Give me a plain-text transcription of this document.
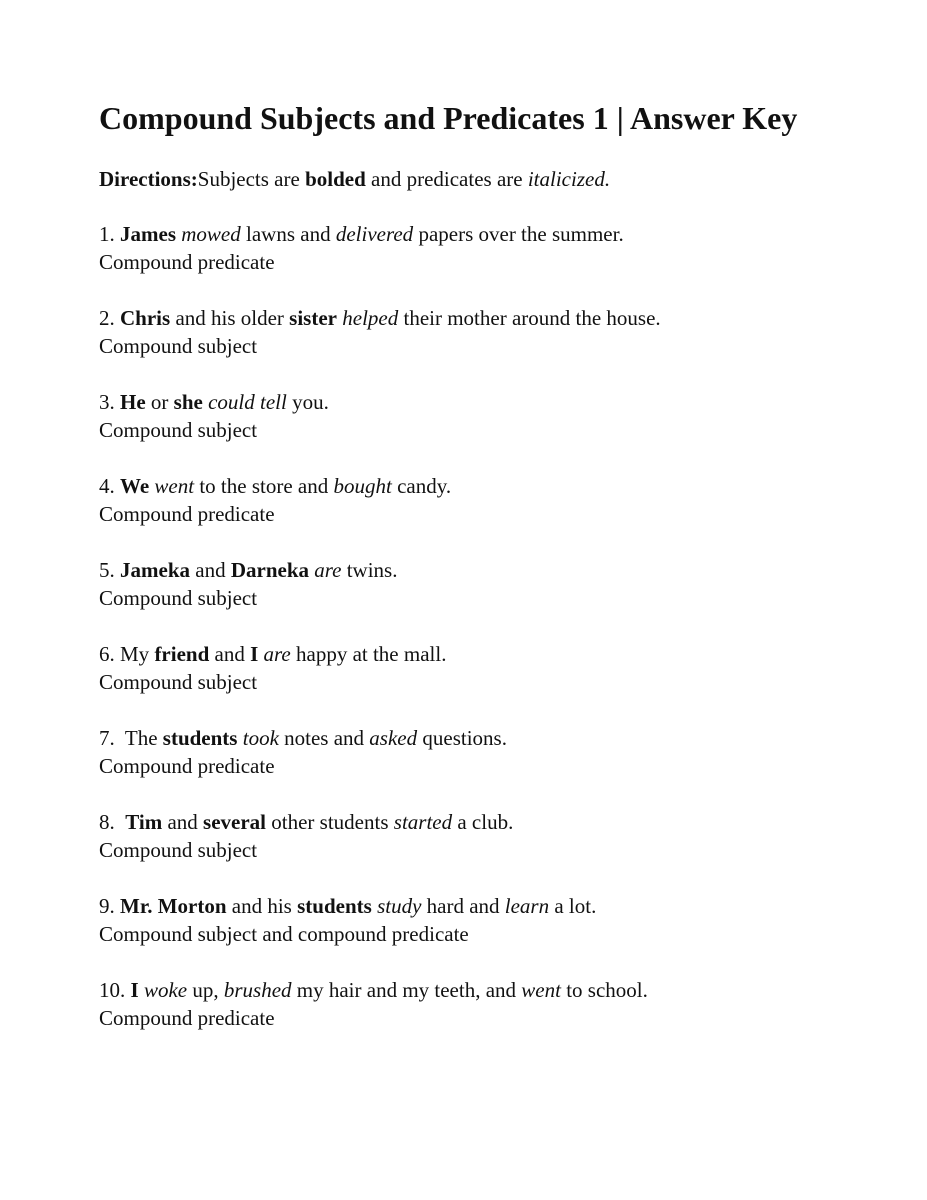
Compound Subjects and Predicates 1 | Answer Key
Directions:Subjects are bolded and predicates are italicized.
1. James mowed lawns and delivered papers over the summer.
Compound predicate
2. Chris and his older sister helped their mother around the house.
Compound subject
3. He or she could tell you.
Compound subject
4. We went to the store and bought candy.
Compound predicate
5. Jameka and Darneka are twins.
Compound subject
6. My friend and I are happy at the mall.
Compound subject
7.  The students took notes and asked questions.
Compound predicate
8.  Tim and several other students started a club.
Compound subject
9. Mr. Morton and his students study hard and learn a lot.
Compound subject and compound predicate
10. I woke up, brushed my hair and my teeth, and went to school.
Compound predicate
